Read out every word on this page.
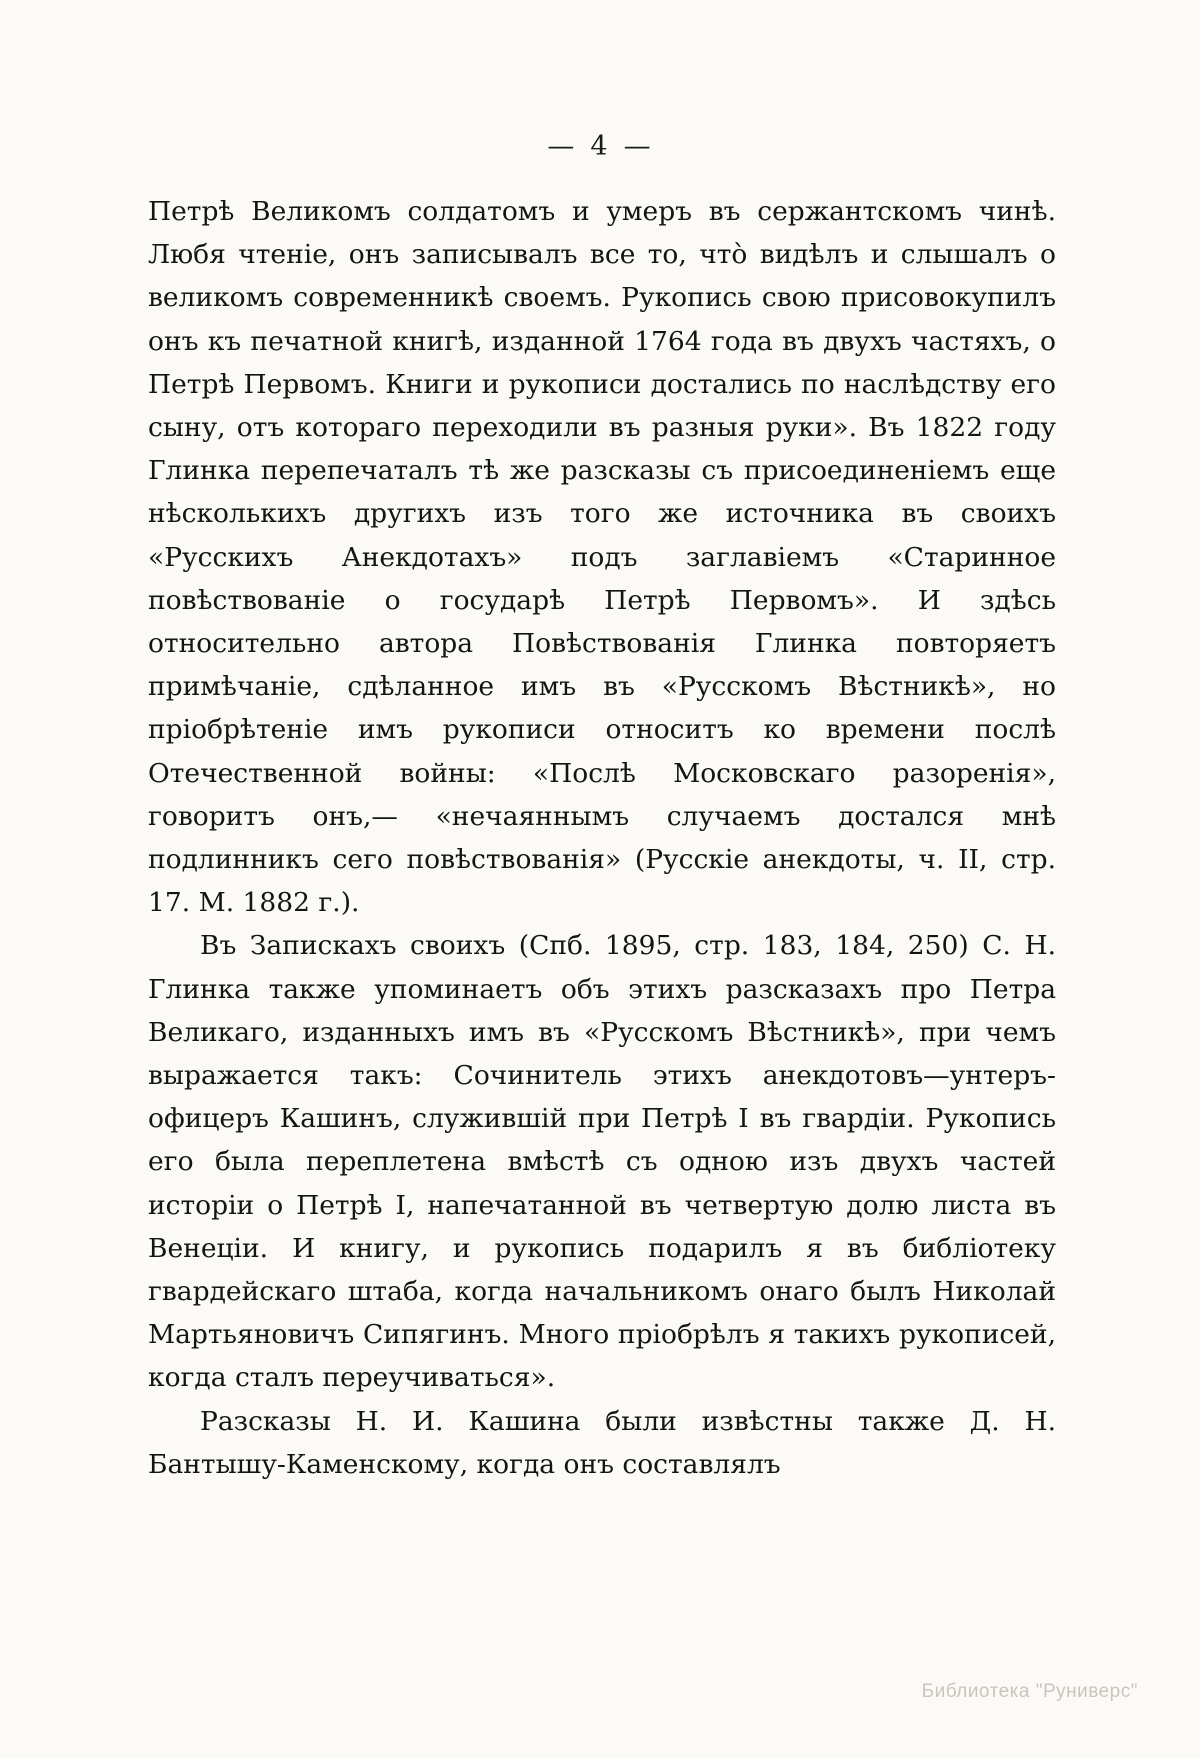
— 4 —

Петрѣ Великомъ солдатомъ и умеръ въ сержантскомъ чинѣ. Любя чтеніе, онъ записывалъ все то, чтò видѣлъ и слышалъ о великомъ современникѣ своемъ. Рукопись свою присовокупилъ онъ къ печатной книгѣ, изданной 1764 года въ двухъ частяхъ, о Петрѣ Первомъ. Книги и рукописи достались по наслѣдству его сыну, отъ котораго переходили въ разныя руки». Въ 1822 году Глинка перепечаталъ тѣ же разсказы съ присоединеніемъ еще нѣсколькихъ другихъ изъ того же источника въ своихъ «Русскихъ Анекдотахъ» подъ заглавіемъ «Старинное повѣствованіе о государѣ Петрѣ Первомъ». И здѣсь относительно автора Повѣствованія Глинка повторяетъ примѣчаніе, сдѣланное имъ въ «Русскомъ Вѣстникѣ», но пріобрѣтеніе имъ рукописи относитъ ко времени послѣ Отечественной войны: «Послѣ Московскаго разоренія», говоритъ онъ,— «нечаяннымъ случаемъ достался мнѣ подлинникъ сего повѣствованія» (Русскіе анекдоты, ч. II, стр. 17. М. 1882 г.).

Въ Запискахъ своихъ (Спб. 1895, стр. 183, 184, 250) С. Н. Глинка также упоминаетъ объ этихъ разсказахъ про Петра Великаго, изданныхъ имъ въ «Русскомъ Вѣстникѣ», при чемъ выражается такъ: Сочинитель этихъ анекдотовъ—унтеръ-офицеръ Кашинъ, служившій при Петрѣ I въ гвардіи. Рукопись его была переплетена вмѣстѣ съ одною изъ двухъ частей исторіи о Петрѣ I, напечатанной въ четвертую долю листа въ Венеціи. И книгу, и рукопись подарилъ я въ библіотеку гвардейскаго штаба, когда начальникомъ онаго былъ Николай Мартьяновичъ Сипягинъ. Много пріобрѣлъ я такихъ рукописей, когда сталъ переучиваться».

Разсказы Н. И. Кашина были извѣстны также Д. Н. Бантышу-Каменскому, когда онъ составлялъ

Библиотека "Руниверс"
